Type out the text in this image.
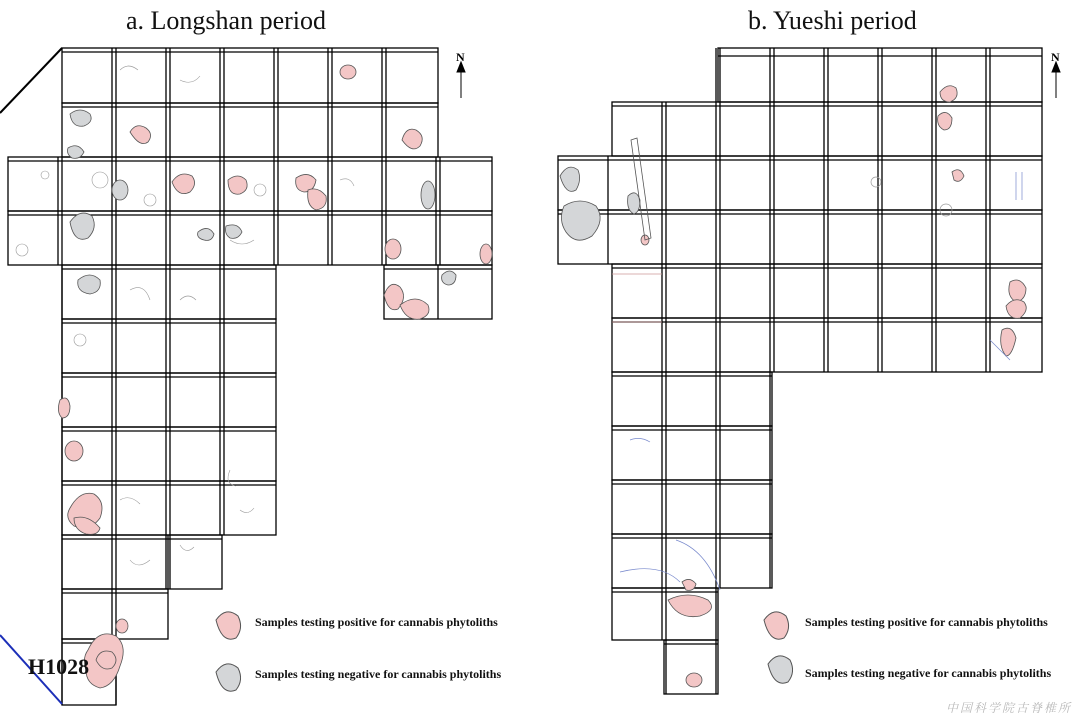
a. Longshan period	b. Yueshi period
N	N
H1028
Samples testing positive for cannabis phytoliths
Samples testing negative for cannabis phytoliths
Samples testing positive for cannabis phytoliths
Samples testing negative for cannabis phytoliths
中国科学院古脊椎所
